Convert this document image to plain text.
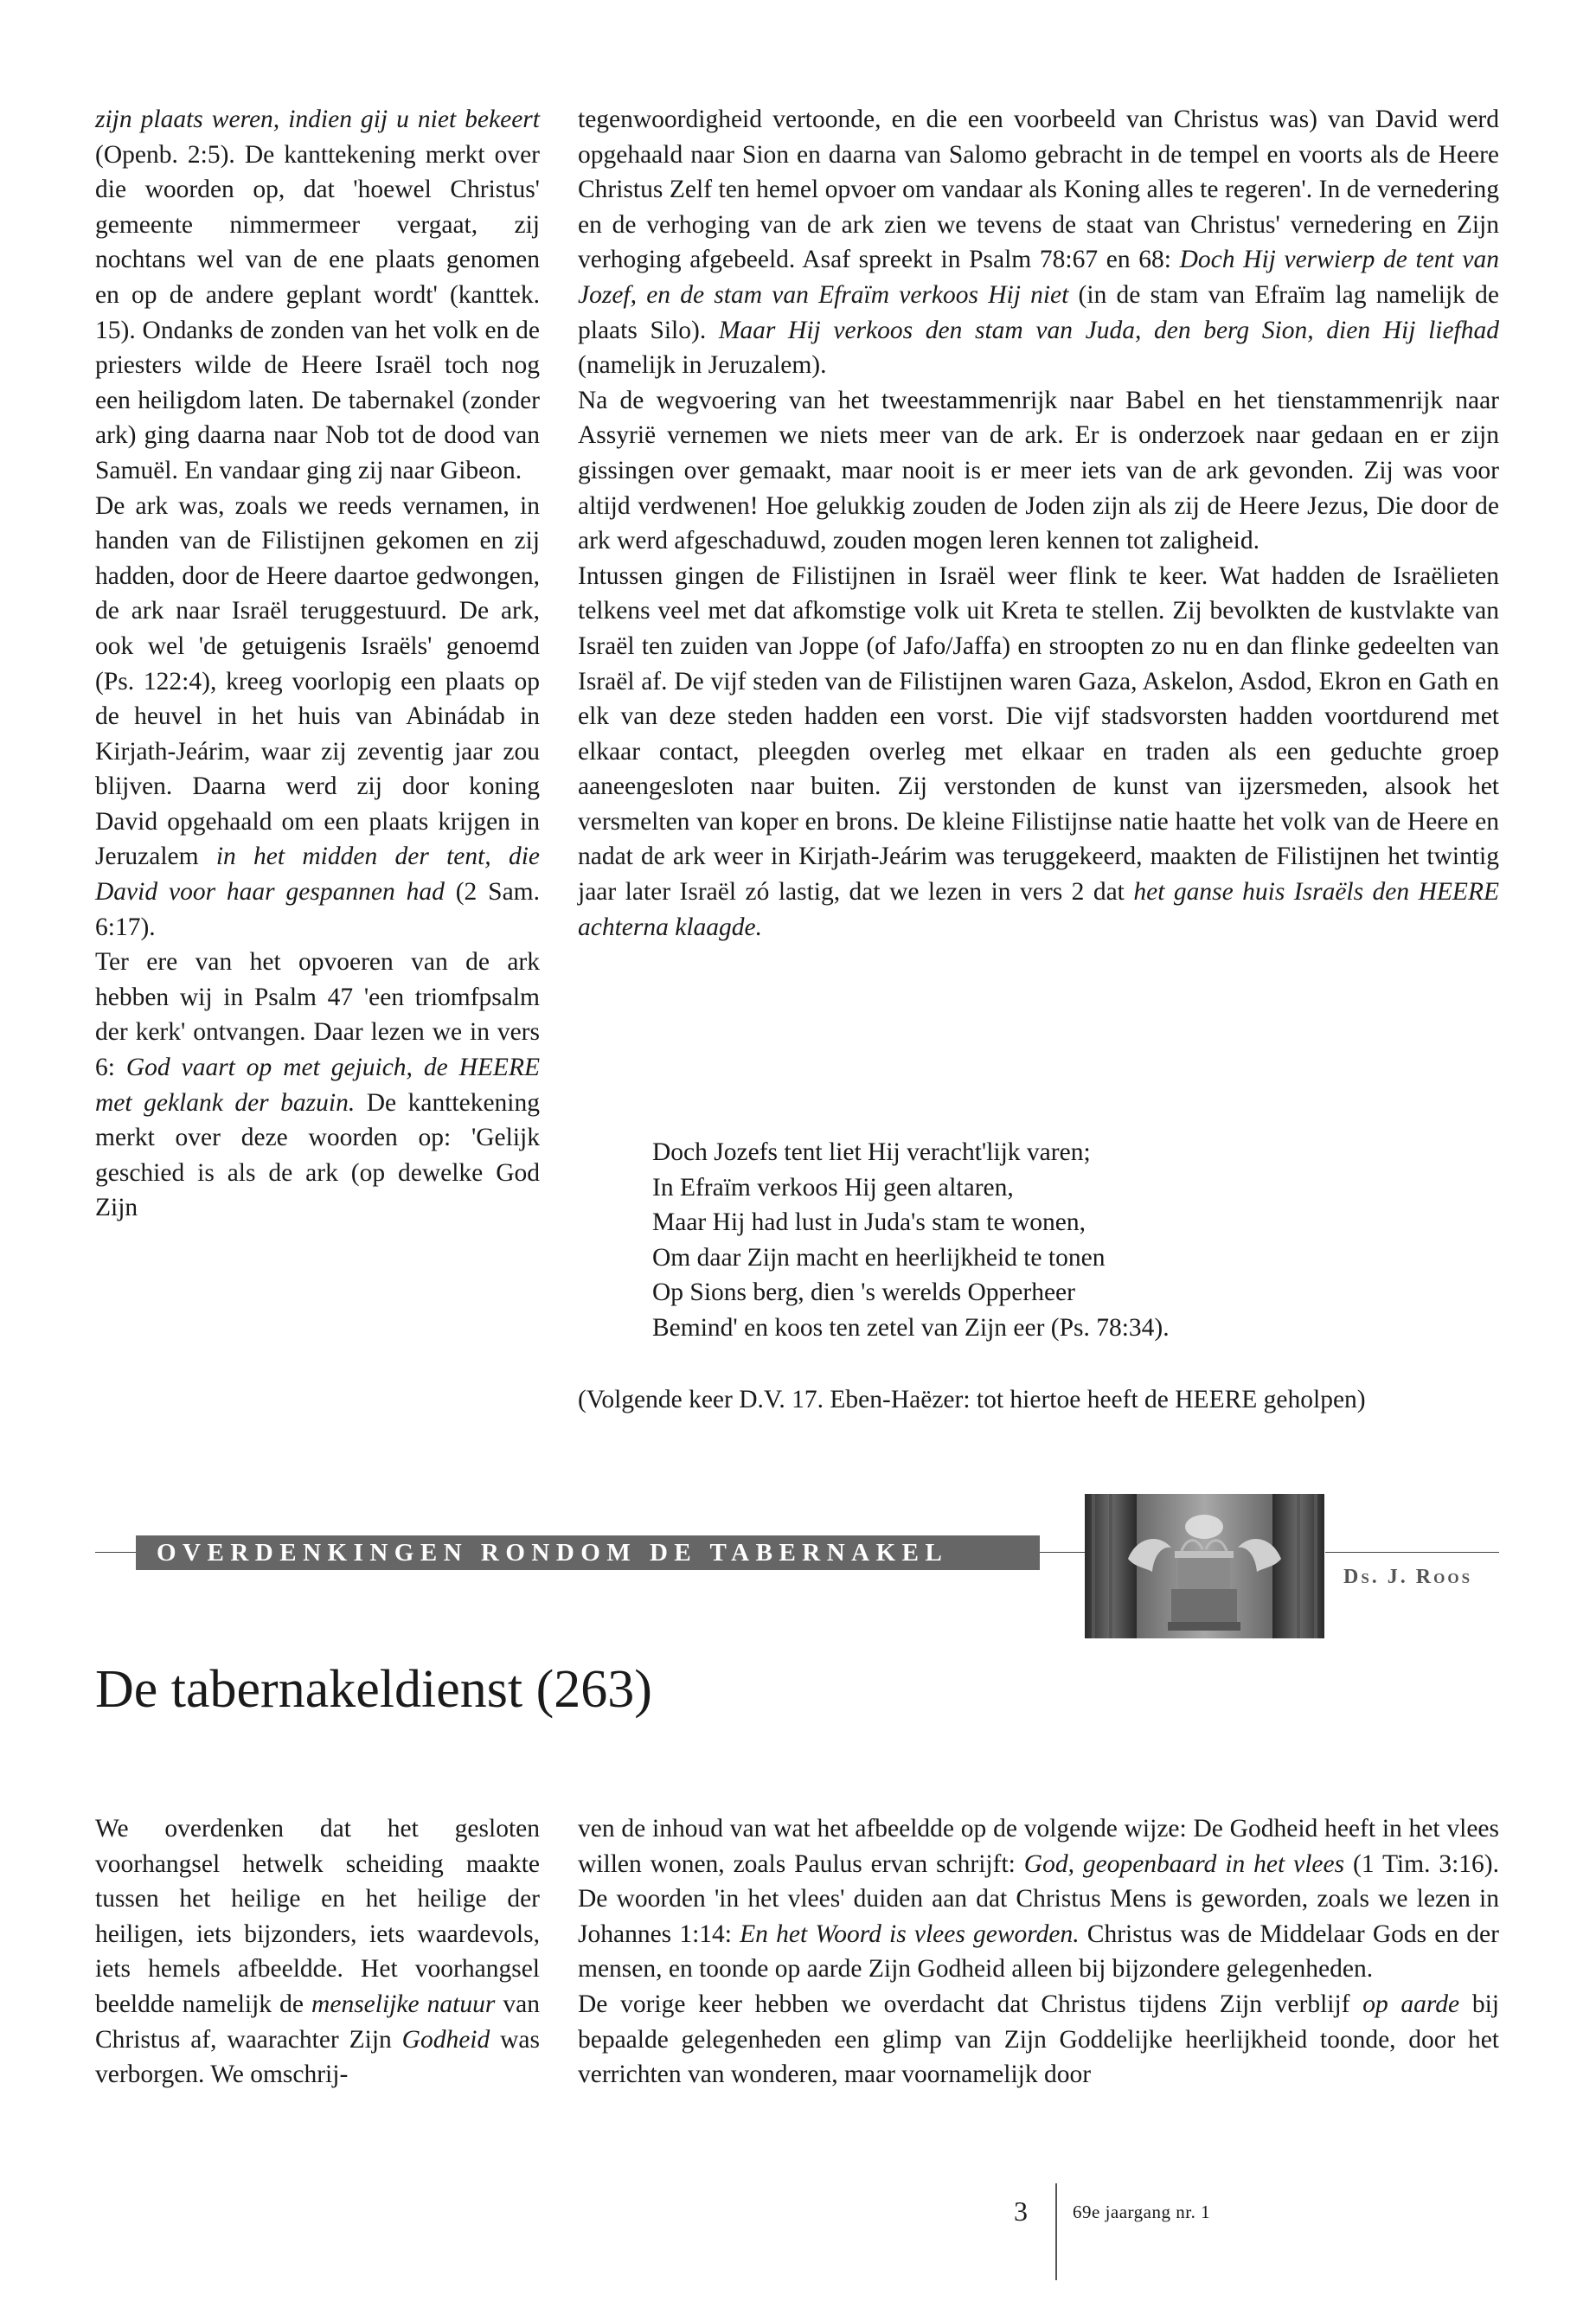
zijn plaats weren, indien gij u niet bekeert (Openb. 2:5). De kanttekening merkt over die woorden op, dat 'hoewel Christus' gemeente nimmermeer vergaat, zij nochtans wel van de ene plaats genomen en op de andere geplant wordt' (kanttek. 15). Ondanks de zonden van het volk en de priesters wilde de Heere Israël toch nog een heiligdom laten. De tabernakel (zonder ark) ging daarna naar Nob tot de dood van Samuël. En vandaar ging zij naar Gibeon.

De ark was, zoals we reeds vernamen, in handen van de Filistijnen gekomen en zij hadden, door de Heere daartoe gedwongen, de ark naar Israël teruggestuurd. De ark, ook wel 'de getuigenis Israëls' genoemd (Ps. 122:4), kreeg voorlopig een plaats op de heuvel in het huis van Abinádab in Kirjath-Jeárim, waar zij zeventig jaar zou blijven. Daarna werd zij door koning David opgehaald om een plaats krijgen in Jeruzalem in het midden der tent, die David voor haar gespannen had (2 Sam. 6:17).

Ter ere van het opvoeren van de ark hebben wij in Psalm 47 'een triomfpsalm der kerk' ontvangen. Daar lezen we in vers 6: God vaart op met gejuich, de HEERE met geklank der bazuin. De kanttekening merkt over deze woorden op: 'Gelijk geschied is als de ark (op dewelke God Zijn

tegenwoordigheid vertoonde, en die een voorbeeld van Christus was) van David werd opgehaald naar Sion en daarna van Salomo gebracht in de tempel en voorts als de Heere Christus Zelf ten hemel opvoer om vandaar als Koning alles te regeren'. In de vernedering en de verhoging van de ark zien we tevens de staat van Christus' vernedering en Zijn verhoging afgebeeld. Asaf spreekt in Psalm 78:67 en 68: Doch Hij verwierp de tent van Jozef, en de stam van Efraïm verkoos Hij niet (in de stam van Efraïm lag namelijk de plaats Silo). Maar Hij verkoos den stam van Juda, den berg Sion, dien Hij liefhad (namelijk in Jeruzalem).

Na de wegvoering van het tweestammenrijk naar Babel en het tienstammenrijk naar Assyrië vernemen we niets meer van de ark. Er is onderzoek naar gedaan en er zijn gissingen over gemaakt, maar nooit is er meer iets van de ark gevonden. Zij was voor altijd verdwenen! Hoe gelukkig zouden de Joden zijn als zij de Heere Jezus, Die door de ark werd afgeschaduwd, zouden mogen leren kennen tot zaligheid.

Intussen gingen de Filistijnen in Israël weer flink te keer. Wat hadden de Israëlieten telkens veel met dat afkomstige volk uit Kreta te stellen. Zij bevolkten de kustvlakte van Israël ten zuiden van Joppe (of Jafo/Jaffa) en stroopten zo nu en dan flinke gedeelten van Israël af. De vijf steden van de Filistijnen waren Gaza, Askelon, Asdod, Ekron en Gath en elk van deze steden hadden een vorst. Die vijf stadsvorsten hadden voortdurend met elkaar contact, pleegden overleg met elkaar en traden als een geduchte groep aaneengesloten naar buiten. Zij verstonden de kunst van ijzersmeden, alsook het versmelten van koper en brons. De kleine Filistijnse natie haatte het volk van de Heere en nadat de ark weer in Kirjath-Jeárim was teruggekeerd, maakten de Filistijnen het twintig jaar later Israël zó lastig, dat we lezen in vers 2 dat het ganse huis Israëls den HEERE achterna klaagde.

Doch Jozefs tent liet Hij veracht'lijk varen;
In Efraïm verkoos Hij geen altaren,
Maar Hij had lust in Juda's stam te wonen,
Om daar Zijn macht en heerlijkheid te tonen
Op Sions berg, dien 's werelds Opperheer
Bemind' en koos ten zetel van Zijn eer (Ps. 78:34).
(Volgende keer D.V. 17. Eben-Haëzer: tot hiertoe heeft de HEERE geholpen)
OVERDENKINGEN RONDOM DE TABERNAKEL
Ds. J. Roos
De tabernakeldienst (263)

We overdenken dat het gesloten voorhangsel hetwelk scheiding maakte tussen het heilige en het heilige der heiligen, iets bijzonders, iets waardevols, iets hemels afbeeldde. Het voorhangsel beeldde namelijk de menselijke natuur van Christus af, waarachter Zijn Godheid was verborgen. We omschrij-

ven de inhoud van wat het afbeeldde op de volgende wijze: De Godheid heeft in het vlees willen wonen, zoals Paulus ervan schrijft: God, geopenbaard in het vlees (1 Tim. 3:16). De woorden 'in het vlees' duiden aan dat Christus Mens is geworden, zoals we lezen in Johannes 1:14: En het Woord is vlees geworden. Christus was de Middelaar Gods en der mensen, en toonde op aarde Zijn Godheid alleen bij bijzondere gelegenheden.

De vorige keer hebben we overdacht dat Christus tijdens Zijn verblijf op aarde bij bepaalde gelegenheden een glimp van Zijn Goddelijke heerlijkheid toonde, door het verrichten van wonderen, maar voornamelijk door

3 69e jaargang nr. 1
